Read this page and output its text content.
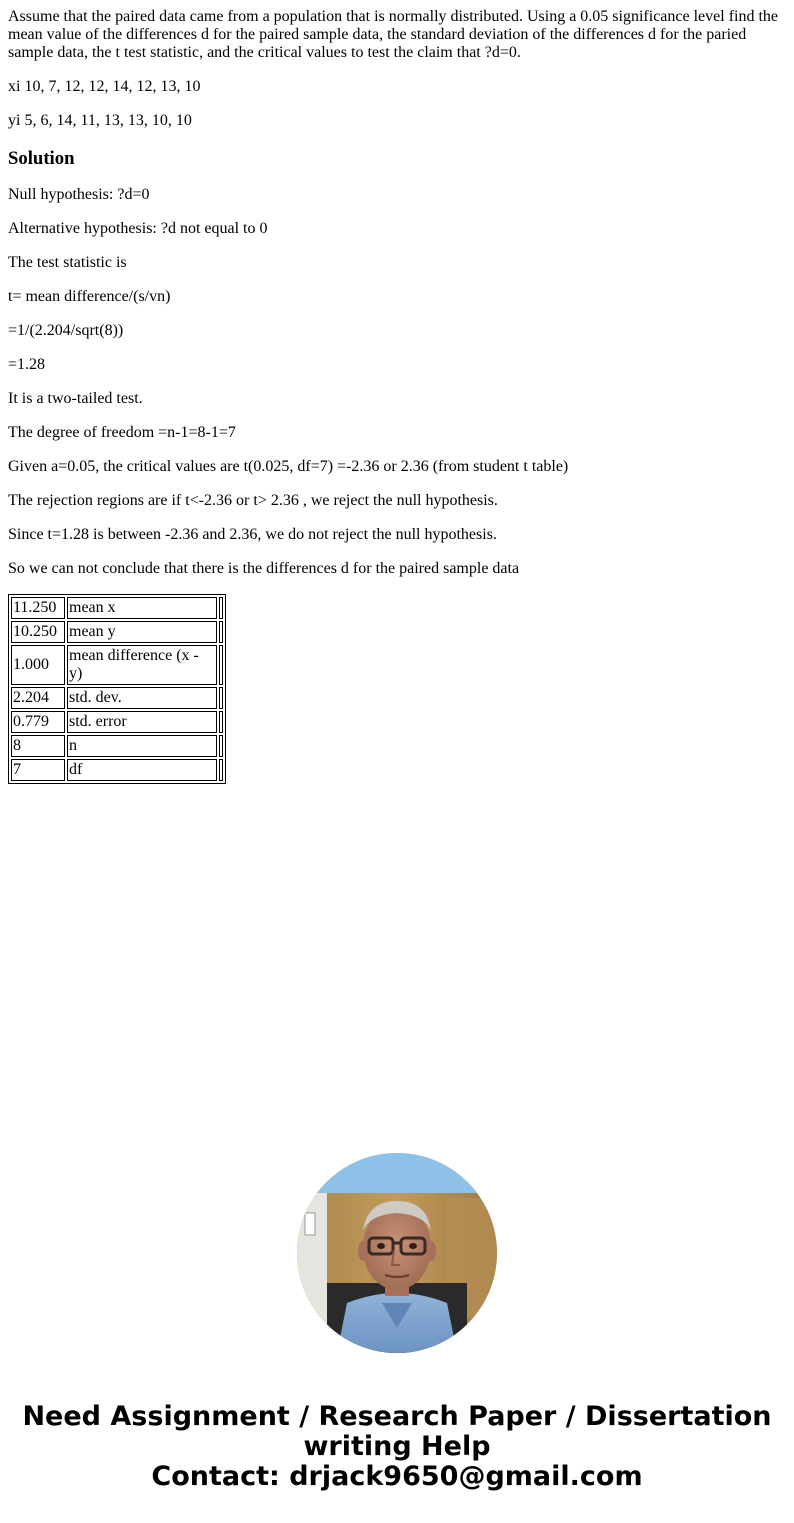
Assume that the paired data came from a population that is normally distributed. Using a 0.05 significance level find the mean value of the differences d for the paired sample data, the standard deviation of the differences d for the paried sample data, the t test statistic, and the critical values to test the claim that ?d=0.

xi 10, 7, 12, 12, 14, 12, 13, 10

yi 5, 6, 14, 11, 13, 13, 10, 10

Solution

Null hypothesis: ?d=0

Alternative hypothesis: ?d not equal to 0

The test statistic is

t= mean difference/(s/vn)

=1/(2.204/sqrt(8))

=1.28

It is a two-tailed test.

The degree of freedom =n-1=8-1=7

Given a=0.05, the critical values are t(0.025, df=7) =-2.36 or 2.36 (from student t table)

The rejection regions are if t<-2.36 or t> 2.36 , we reject the null hypothesis.

Since t=1.28 is between -2.36 and 2.36, we do not reject the null hypothesis.

So we can not conclude that there is the differences d for the paired sample data

11.250	mean x	
10.250	mean y	
1.000	mean difference (x - y)	
2.204	std. dev.	
0.779	std. error	
8	n	
7	df	
Need Assignment / Research Paper / Dissertation
writing Help
Contact: drjack9650@gmail.com
